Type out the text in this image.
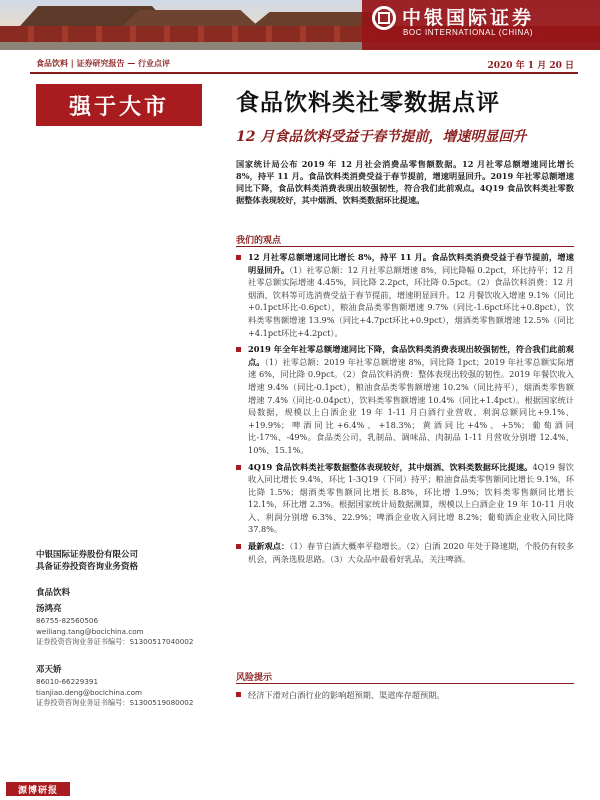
中银国际证券
BOC INTERNATIONAL (CHINA)
食品饮料 | 证券研究报告 — 行业点评	2020 年 1 月 20 日
强于大市	食品饮料类社零数据点评
12 月食品饮料受益于春节提前，增速明显回升
国家统计局公布 2019 年 12 月社会消费品零售额数据。12 月社零总额增速同比增长 8%，持平 11 月。食品饮料类消费受益于春节提前，增速明显回升。2019 年社零总额增速同比下降，食品饮料类消费表现出较强韧性，符合我们此前观点。4Q19 食品饮料类社零数据整体表现较好，其中烟酒、饮料类数据环比提速。
我们的观点
12 月社零总额增速同比增长 8%，持平 11 月。食品饮料类消费受益于春节提前，增速明显回升。（1）社零总额：12 月社零总额增速 8%，同比降幅 0.2pct，环比持平；12 月社零总额实际增速 4.45%，同比降 2.2pct，环比降 0.5pct。（2）食品饮料消费：12 月烟酒、饮料等可选消费受益于春节提前，增速明显回升。12 月餐饮收入增速 9.1%（同比+0.1pct环比-0.6pct），粮油食品类零售额增速 9.7%（同比-1.6pct环比+0.8pct），饮料类零售额增速 13.9%（同比+4.7pct环比+0.9pct），烟酒类零售额增速 12.5%（同比+4.1pct环比+4.2pct）。
2019 年全年社零总额增速同比下降，食品饮料类消费表现出较强韧性，符合我们此前观点。（1）社零总额：2019 年社零总额增速 8%，同比降 1pct；2019 年社零总额实际增速 6%，同比降 0.9pct。（2）食品饮料消费：整体表现出较强的韧性。2019 年餐饮收入增速 9.4%（同比-0.1pct），粮油食品类零售额增速 10.2%（同比持平），烟酒类零售额增速 7.4%（同比-0.04pct），饮料类零售额增速 10.4%（同比+1.4pct）。根据国家统计局数据，规模以上白酒企业 19 年 1-11 月白酒行业营收、利润总额同比+9.1%、+19.9%；啤酒同比+6.4%、+18.3%；黄酒同比+4%、+5%；葡萄酒同比-17%、-49%。食品类公司，乳制品、调味品、肉制品 1-11 月营收分别增 12.4%、10%、15.1%。
4Q19 食品饮料类社零数据整体表现较好，其中烟酒、饮料类数据环比提速。4Q19 餐饮收入同比增长 9.4%，环比 1-3Q19（下同）持平；粮油食品类零售额同比增长 9.1%，环比降 1.5%；烟酒类零售额同比增长 8.8%，环比增 1.9%；饮料类零售额同比增长 12.1%，环比增 2.3%。根据国家统计局数据测算，规模以上白酒企业 19 年 10-11 月收入、利润分别增 6.3%、22.9%；啤酒企业收入同比增 8.2%；葡萄酒企业收入同比降 37.8%。
最新观点：（1）春节白酒大概率平稳增长。（2）白酒 2020 年处于降速期，个股仍有较多机会，两条选股思路。（3）大众品中最看好乳品，关注啤酒。
风险提示
经济下滑对白酒行业的影响超预期、渠道库存超预期。
中银国际证券股份有限公司
具备证券投资咨询业务资格
食品饮料
汤鸿亮
86755-82560506
weiliang.tang@bocichina.com
证券投资咨询业务证书编号：S1300517040002
邓天娇
86010-66229391
tianjiao.deng@bocichina.com
证券投资咨询业务证书编号：S1300519080002
源博研报
